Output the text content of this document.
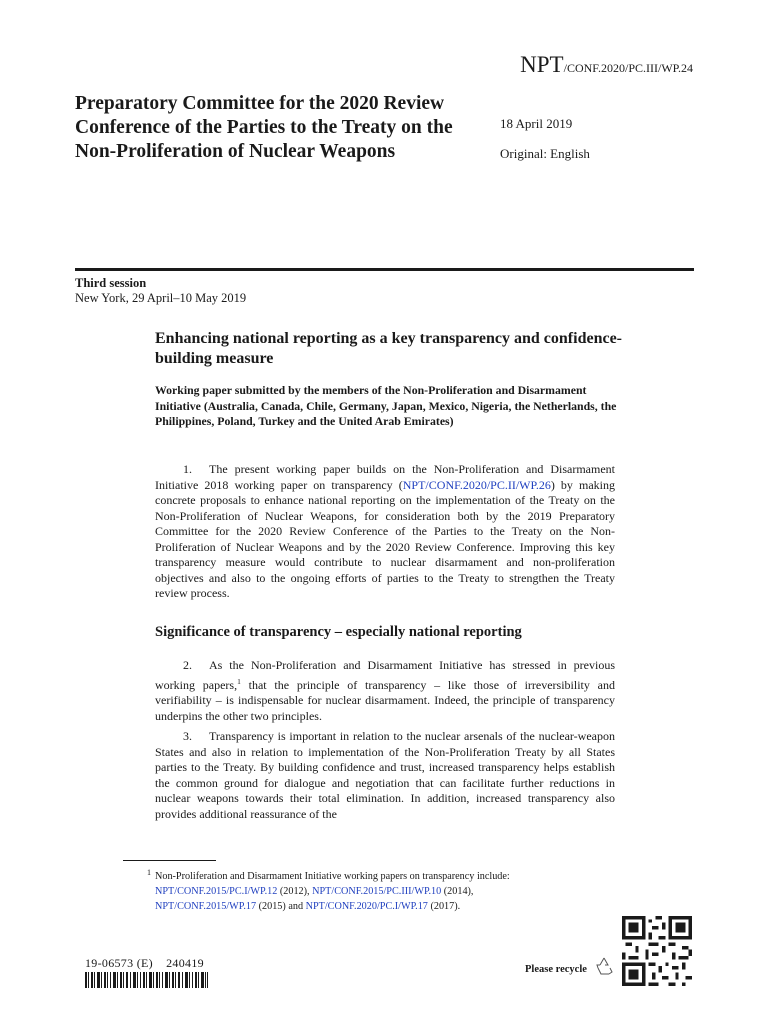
NPT/CONF.2020/PC.III/WP.24
Preparatory Committee for the 2020 Review Conference of the Parties to the Treaty on the Non-Proliferation of Nuclear Weapons
18 April 2019
Original: English
Third session
New York, 29 April–10 May 2019
Enhancing national reporting as a key transparency and confidence-building measure

Working paper submitted by the members of the Non-Proliferation and Disarmament Initiative (Australia, Canada, Chile, Germany, Japan, Mexico, Nigeria, the Netherlands, the Philippines, Poland, Turkey and the United Arab Emirates)

1. The present working paper builds on the Non-Proliferation and Disarmament Initiative 2018 working paper on transparency (NPT/CONF.2020/PC.II/WP.26) by making concrete proposals to enhance national reporting on the implementation of the Treaty on the Non-Proliferation of Nuclear Weapons, for consideration both by the 2019 Preparatory Committee for the 2020 Review Conference of the Parties to the Treaty on the Non-Proliferation of Nuclear Weapons and by the 2020 Review Conference. Improving this key transparency measure would contribute to nuclear disarmament and non-proliferation objectives and also to the ongoing efforts of parties to the Treaty to strengthen the Treaty review process.

Significance of transparency – especially national reporting

2. As the Non-Proliferation and Disarmament Initiative has stressed in previous working papers,$^1$ that the principle of transparency – like those of irreversibility and verifiability – is indispensable for nuclear disarmament. Indeed, the principle of transparency underpins the other two principles.

3. Transparency is important in relation to the nuclear arsenals of the nuclear-weapon States and also in relation to implementation of the Non-Proliferation Treaty by all States parties to the Treaty. By building confidence and trust, increased transparency helps establish the common ground for dialogue and negotiation that can facilitate further reductions in nuclear weapons towards their total elimination. In addition, increased transparency also provides additional reassurance of the

1 Non-Proliferation and Disarmament Initiative working papers on transparency include:
NPT/CONF.2015/PC.I/WP.12 (2012), NPT/CONF.2015/PC.III/WP.10 (2014),
NPT/CONF.2015/WP.17 (2015) and NPT/CONF.2020/PC.I/WP.17 (2017).
19-06573 (E)    240419	Please recycle
